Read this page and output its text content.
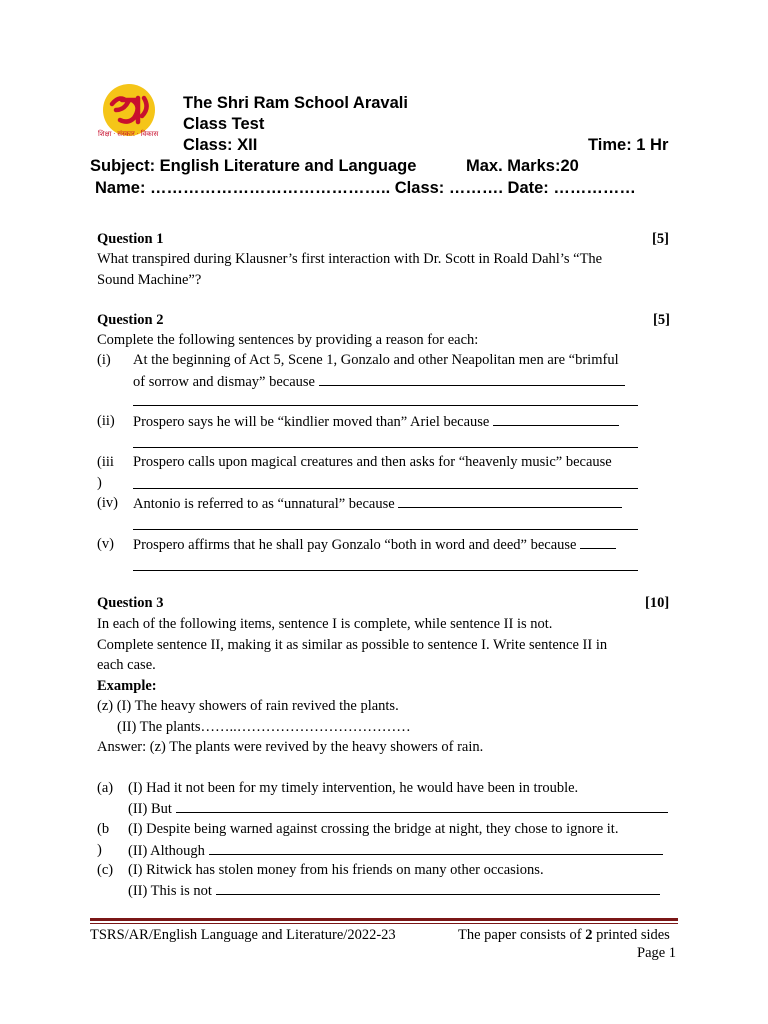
शिक्षा · संस्कार · विकास
The Shri Ram School Aravali
Class Test
Class: XII	Time: 1 Hr
Subject: English Literature and Language	Max. Marks:20
Name: …………………………………….. Class: ………. Date: ……………
Question 1	[5]
What transpired during Klausner’s first interaction with Dr. Scott in Roald Dahl’s “The
Sound Machine”?
Question 2	[5]
Complete the following sentences by providing a reason for each:
(i) At the beginning of Act 5, Scene 1, Gonzalo and other Neapolitan men are “brimful
of sorrow and dismay” because
(ii) Prospero says he will be “kindlier moved than” Ariel because
(iii
)
Prospero calls upon magical creatures and then asks for “heavenly music” because
(iv) Antonio is referred to as “unnatural” because
(v) Prospero affirms that he shall pay Gonzalo “both in word and deed” because
Question 3	[10]
In each of the following items, sentence I is complete, while sentence II is not.
Complete sentence II, making it as similar as possible to sentence I. Write sentence II in
each case.
Example:
(z) (I) The heavy showers of rain revived the plants.
(II) The plants……..………………………………
Answer: (z) The plants were revived by the heavy showers of rain.
(a) (I) Had it not been for my timely intervention, he would have been in trouble.
(II) But
(b
)
(I) Despite being warned against crossing the bridge at night, they chose to ignore it.
(II) Although
(c) (I) Ritwick has stolen money from his friends on many other occasions.
(II) This is not
TSRS/AR/English Language and Literature/2022-23	The paper consists of 2 printed sides
Page 1
